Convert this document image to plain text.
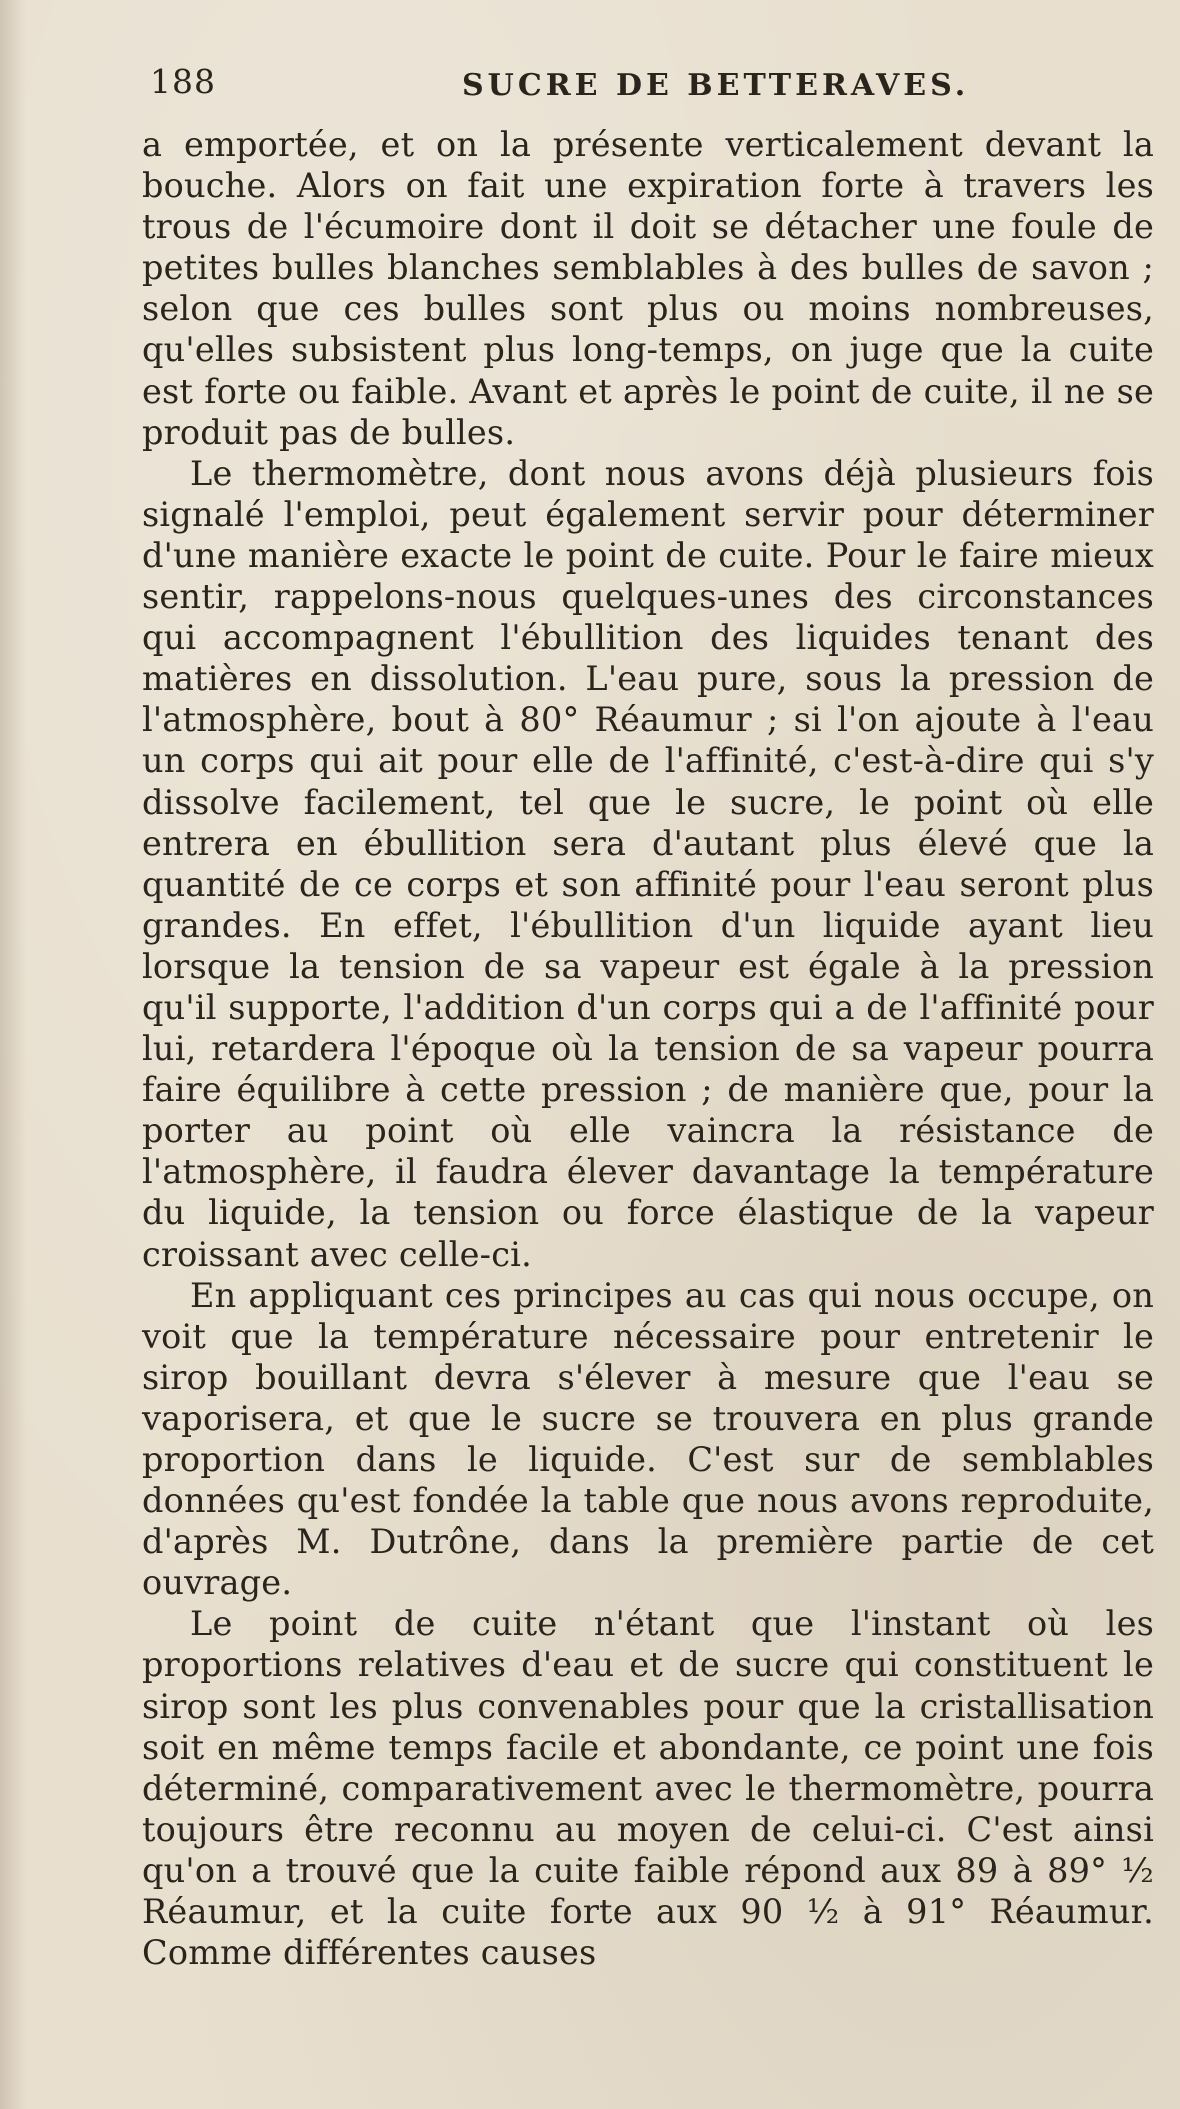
188	SUCRE DE BETTERAVES.

a emportée, et on la présente verticalement devant la bouche. Alors on fait une expiration forte à travers les trous de l'écumoire dont il doit se détacher une foule de petites bulles blanches semblables à des bulles de savon ; selon que ces bulles sont plus ou moins nombreuses, qu'elles subsistent plus long-temps, on juge que la cuite est forte ou faible. Avant et après le point de cuite, il ne se produit pas de bulles.

Le thermomètre, dont nous avons déjà plusieurs fois signalé l'emploi, peut également servir pour déterminer d'une manière exacte le point de cuite. Pour le faire mieux sentir, rappelons-nous quelques-unes des circonstances qui accompagnent l'ébullition des liquides tenant des matières en dissolution. L'eau pure, sous la pression de l'atmosphère, bout à 80° Réaumur ; si l'on ajoute à l'eau un corps qui ait pour elle de l'affinité, c'est-à-dire qui s'y dissolve facilement, tel que le sucre, le point où elle entrera en ébullition sera d'autant plus élevé que la quantité de ce corps et son affinité pour l'eau seront plus grandes. En effet, l'ébullition d'un liquide ayant lieu lorsque la tension de sa vapeur est égale à la pression qu'il supporte, l'addition d'un corps qui a de l'affinité pour lui, retardera l'époque où la tension de sa vapeur pourra faire équilibre à cette pression ; de manière que, pour la porter au point où elle vaincra la résistance de l'atmosphère, il faudra élever davantage la température du liquide, la tension ou force élastique de la vapeur croissant avec celle-ci.

En appliquant ces principes au cas qui nous occupe, on voit que la température nécessaire pour entretenir le sirop bouillant devra s'élever à mesure que l'eau se vaporisera, et que le sucre se trouvera en plus grande proportion dans le liquide. C'est sur de semblables données qu'est fondée la table que nous avons reproduite, d'après M. Dutrône, dans la première partie de cet ouvrage.

Le point de cuite n'étant que l'instant où les proportions relatives d'eau et de sucre qui constituent le sirop sont les plus convenables pour que la cristallisation soit en même temps facile et abondante, ce point une fois déterminé, comparativement avec le thermomètre, pourra toujours être reconnu au moyen de celui-ci. C'est ainsi qu'on a trouvé que la cuite faible répond aux 89 à 89° ½ Réaumur, et la cuite forte aux 90 ½ à 91° Réaumur. Comme différentes causes
